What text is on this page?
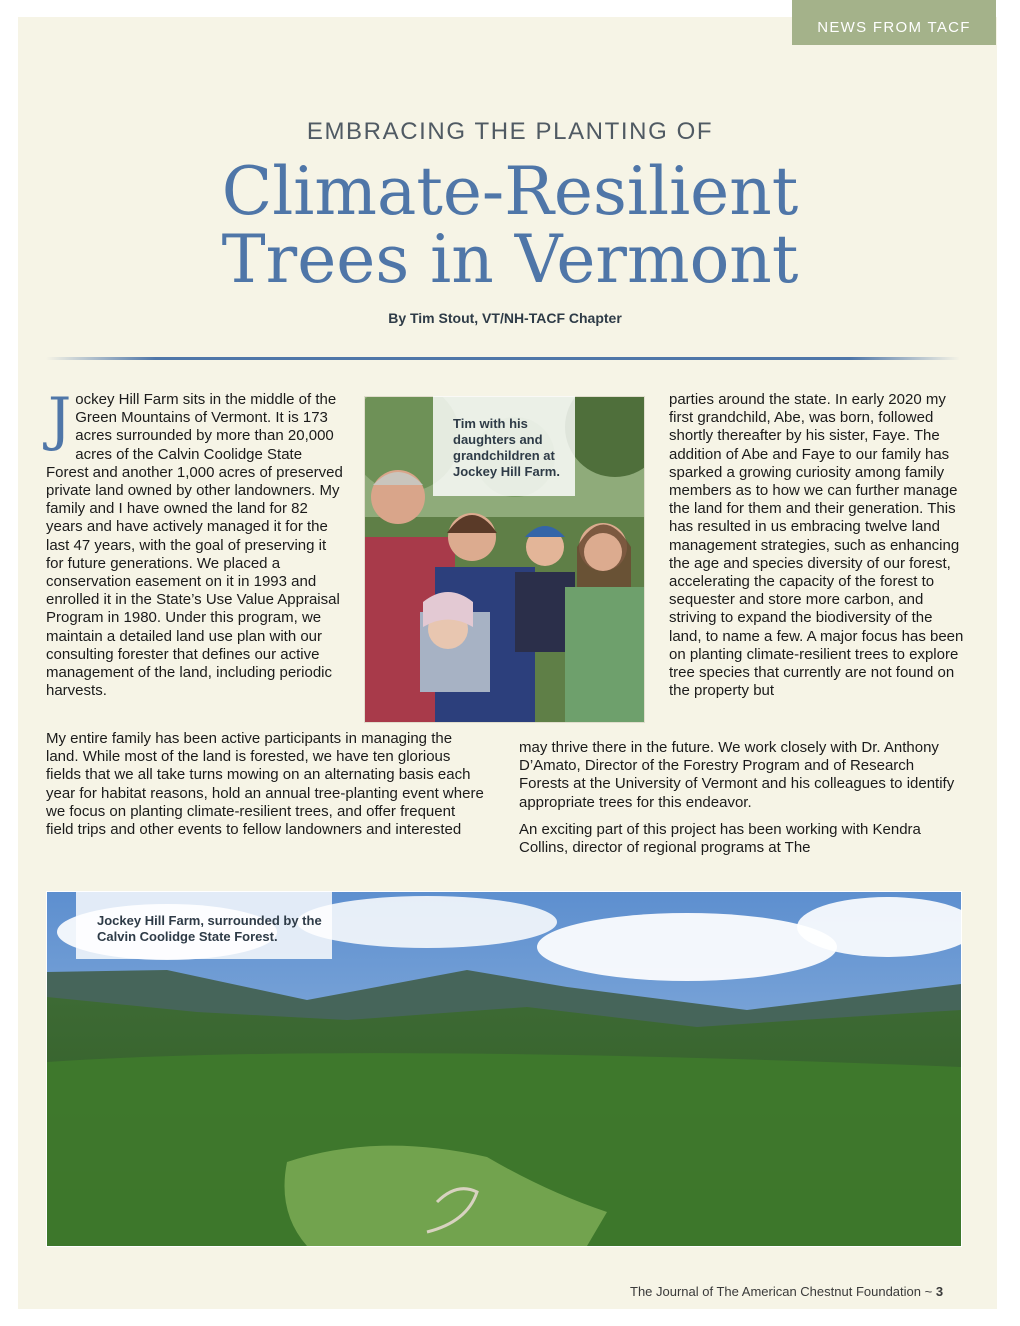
NEWS FROM TACF
EMBRACING THE PLANTING OF
Climate-Resilient
Trees in Vermont
By Tim Stout, VT/NH-TACF Chapter

Jockey Hill Farm sits in the middle of the Green Mountains of Vermont. It is 173 acres surrounded by more than 20,000 acres of the Calvin Coolidge State Forest and another 1,000 acres of preserved private land owned by other landowners. My family and I have owned the land for 82 years and have actively managed it for the last 47 years, with the goal of preserving it for future generations. We placed a conservation easement on it in 1993 and enrolled it in the State’s Use Value Appraisal Program in 1980. Under this program, we maintain a detailed land use plan with our consulting forester that defines our active management of the land, including periodic harvests.

Tim with his daughters and grandchildren at Jockey Hill Farm.

parties around the state. In early 2020 my first grandchild, Abe, was born, followed shortly thereafter by his sister, Faye. The addition of Abe and Faye to our family has sparked a growing curiosity among family members as to how we can further manage the land for them and their generation. This has resulted in us embracing twelve land management strategies, such as enhancing the age and species diversity of our forest, accelerating the capacity of the forest to sequester and store more carbon, and striving to expand the biodiversity of the land, to name a few. A major focus has been on planting climate-resilient trees to explore tree species that currently are not found on the property but

My entire family has been active participants in managing the land. While most of the land is forested, we have ten glorious fields that we all take turns mowing on an alternating basis each year for habitat reasons, hold an annual tree-planting event where we focus on planting climate-resilient trees, and offer frequent field trips and other events to fellow landowners and interested

may thrive there in the future. We work closely with Dr. Anthony D’Amato, Director of the Forestry Program and of Research Forests at the University of Vermont and his colleagues to identify appropriate trees for this endeavor.

An exciting part of this project has been working with Kendra Collins, director of regional programs at The

Jockey Hill Farm, surrounded by the Calvin Coolidge State Forest.
The Journal of The American Chestnut Foundation ~ 3
